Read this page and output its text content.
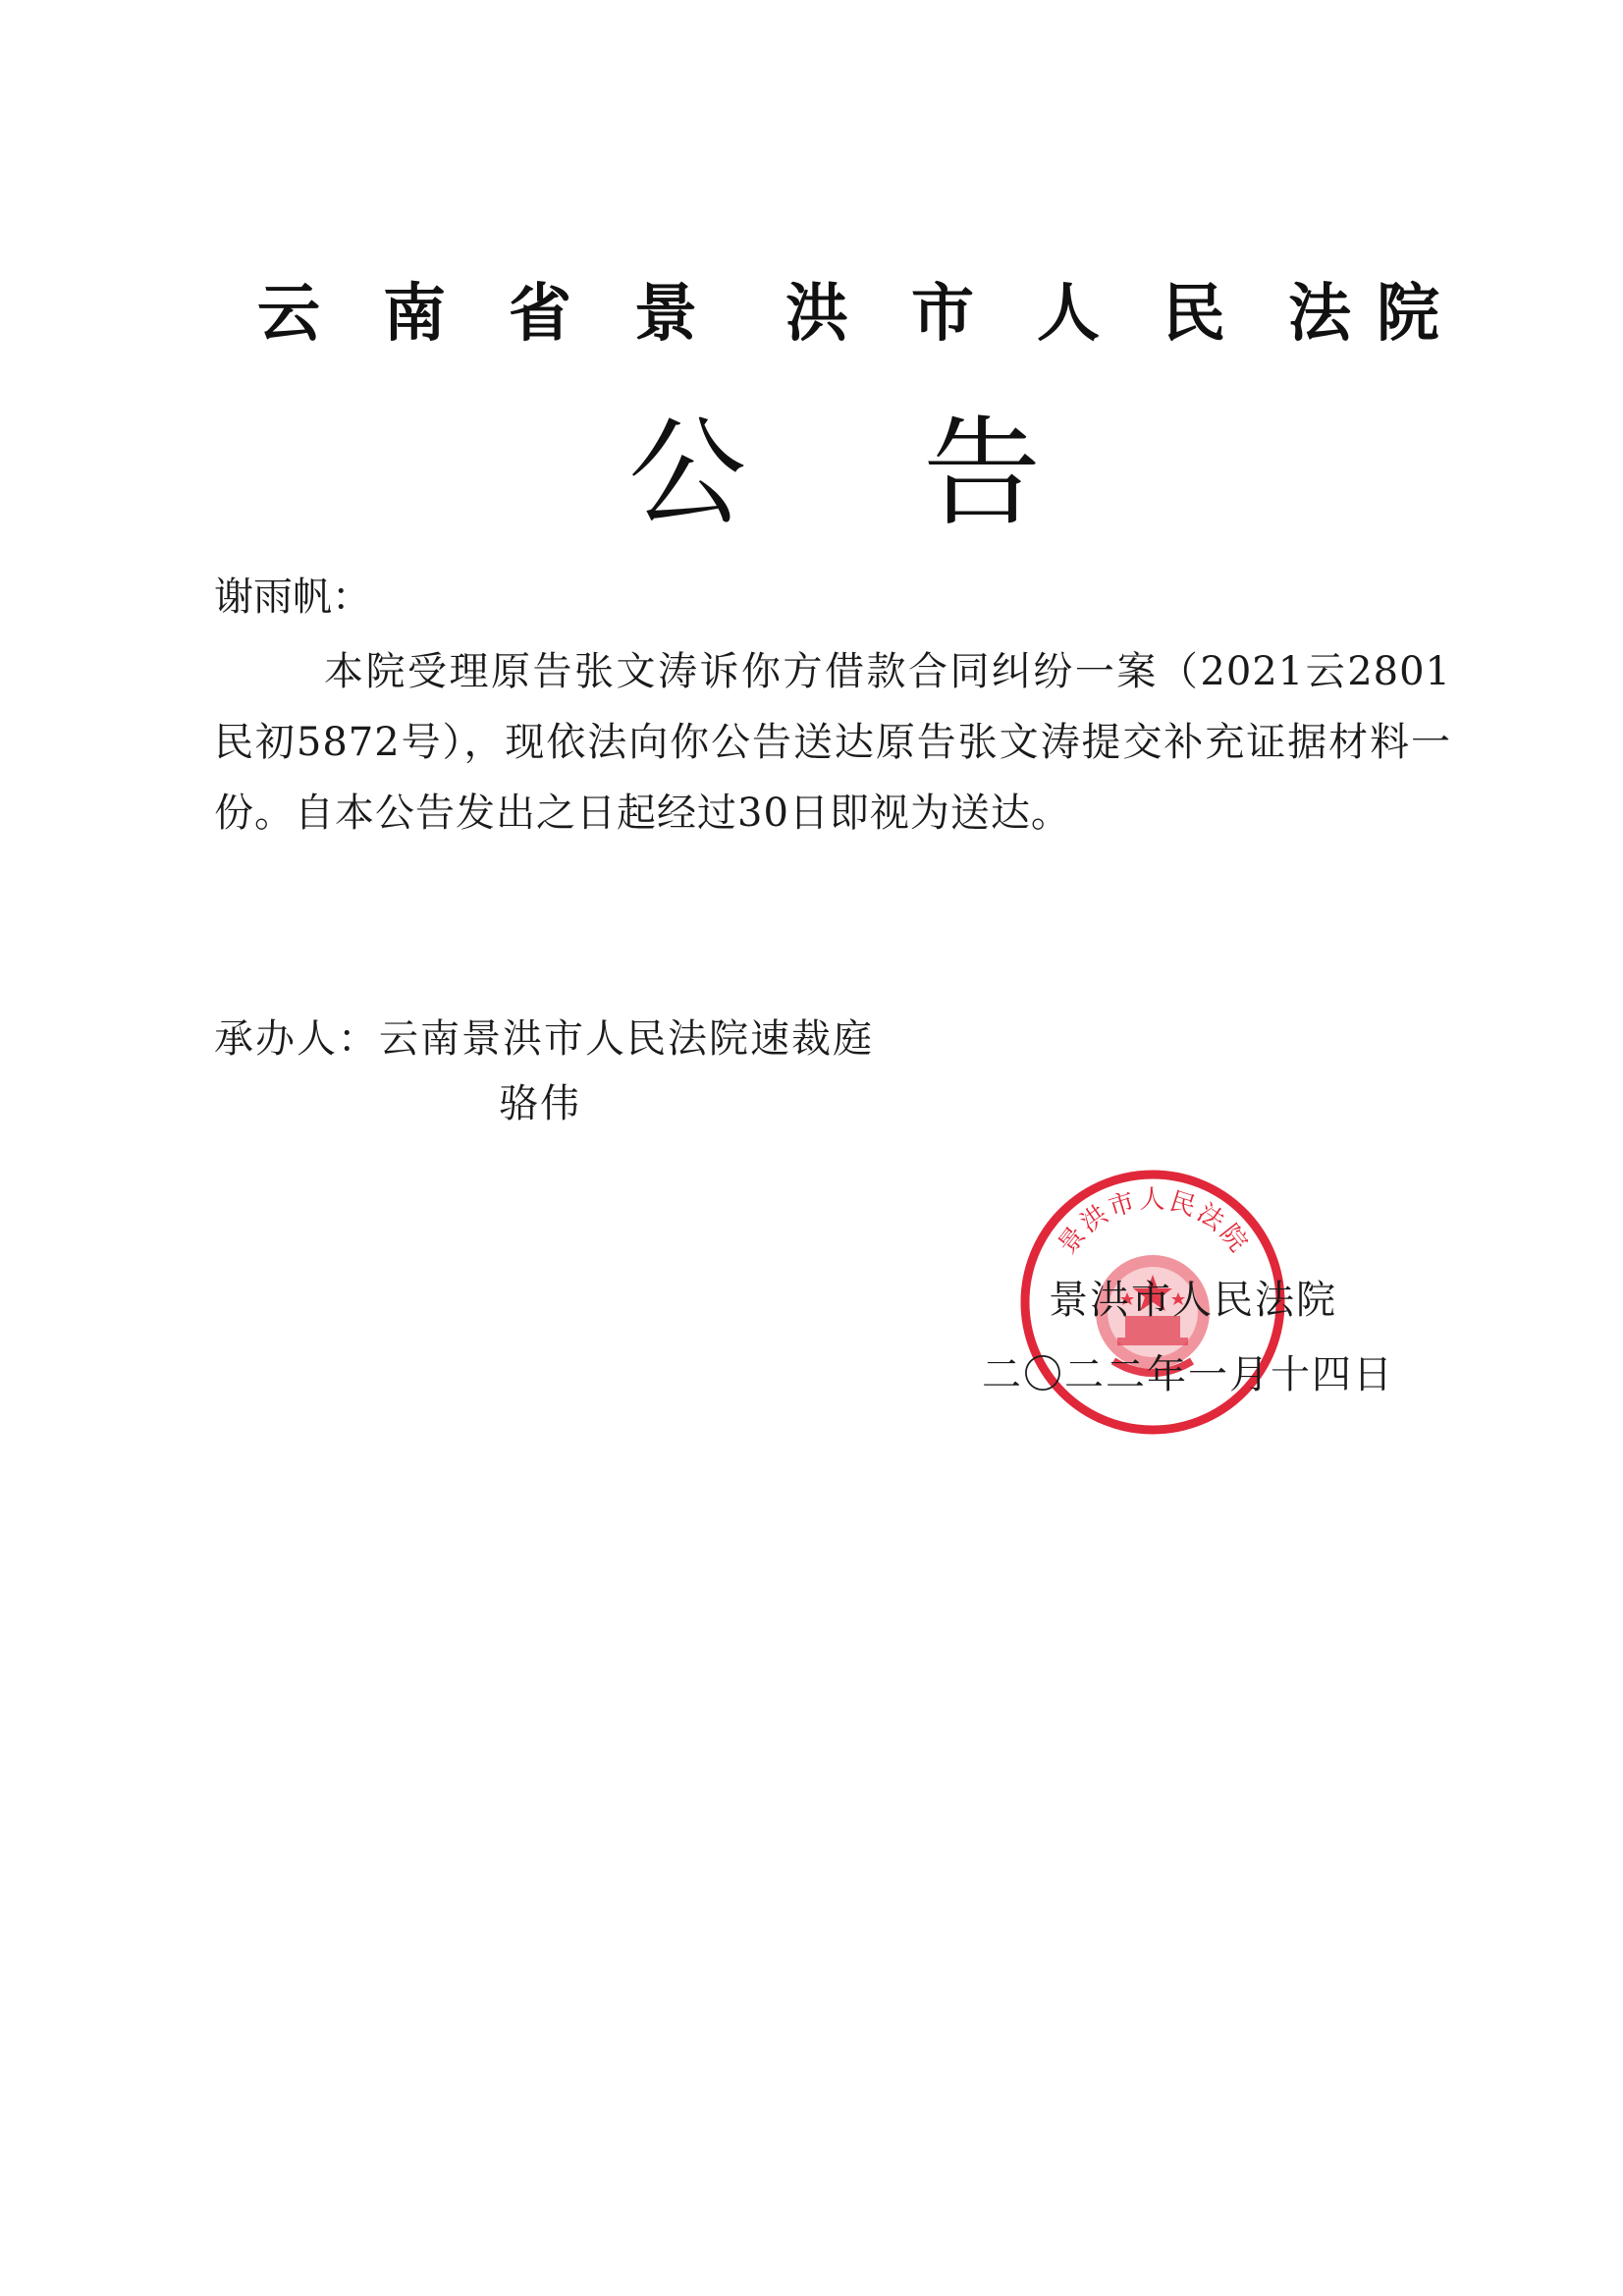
云 南 省 景 洪 市 人 民 法 院
公 告
谢雨帆：
本院受理原告张文涛诉你方借款合同纠纷一案（2021云2801民初5872号），现依法向你公告送达原告张文涛提交补充证据材料一份。自本公告发出之日起经过30日即视为送达。
承办人：云南景洪市人民法院速裁庭
骆伟
景洪市人民法院
景洪市人民法院
二〇二二年一月十四日
